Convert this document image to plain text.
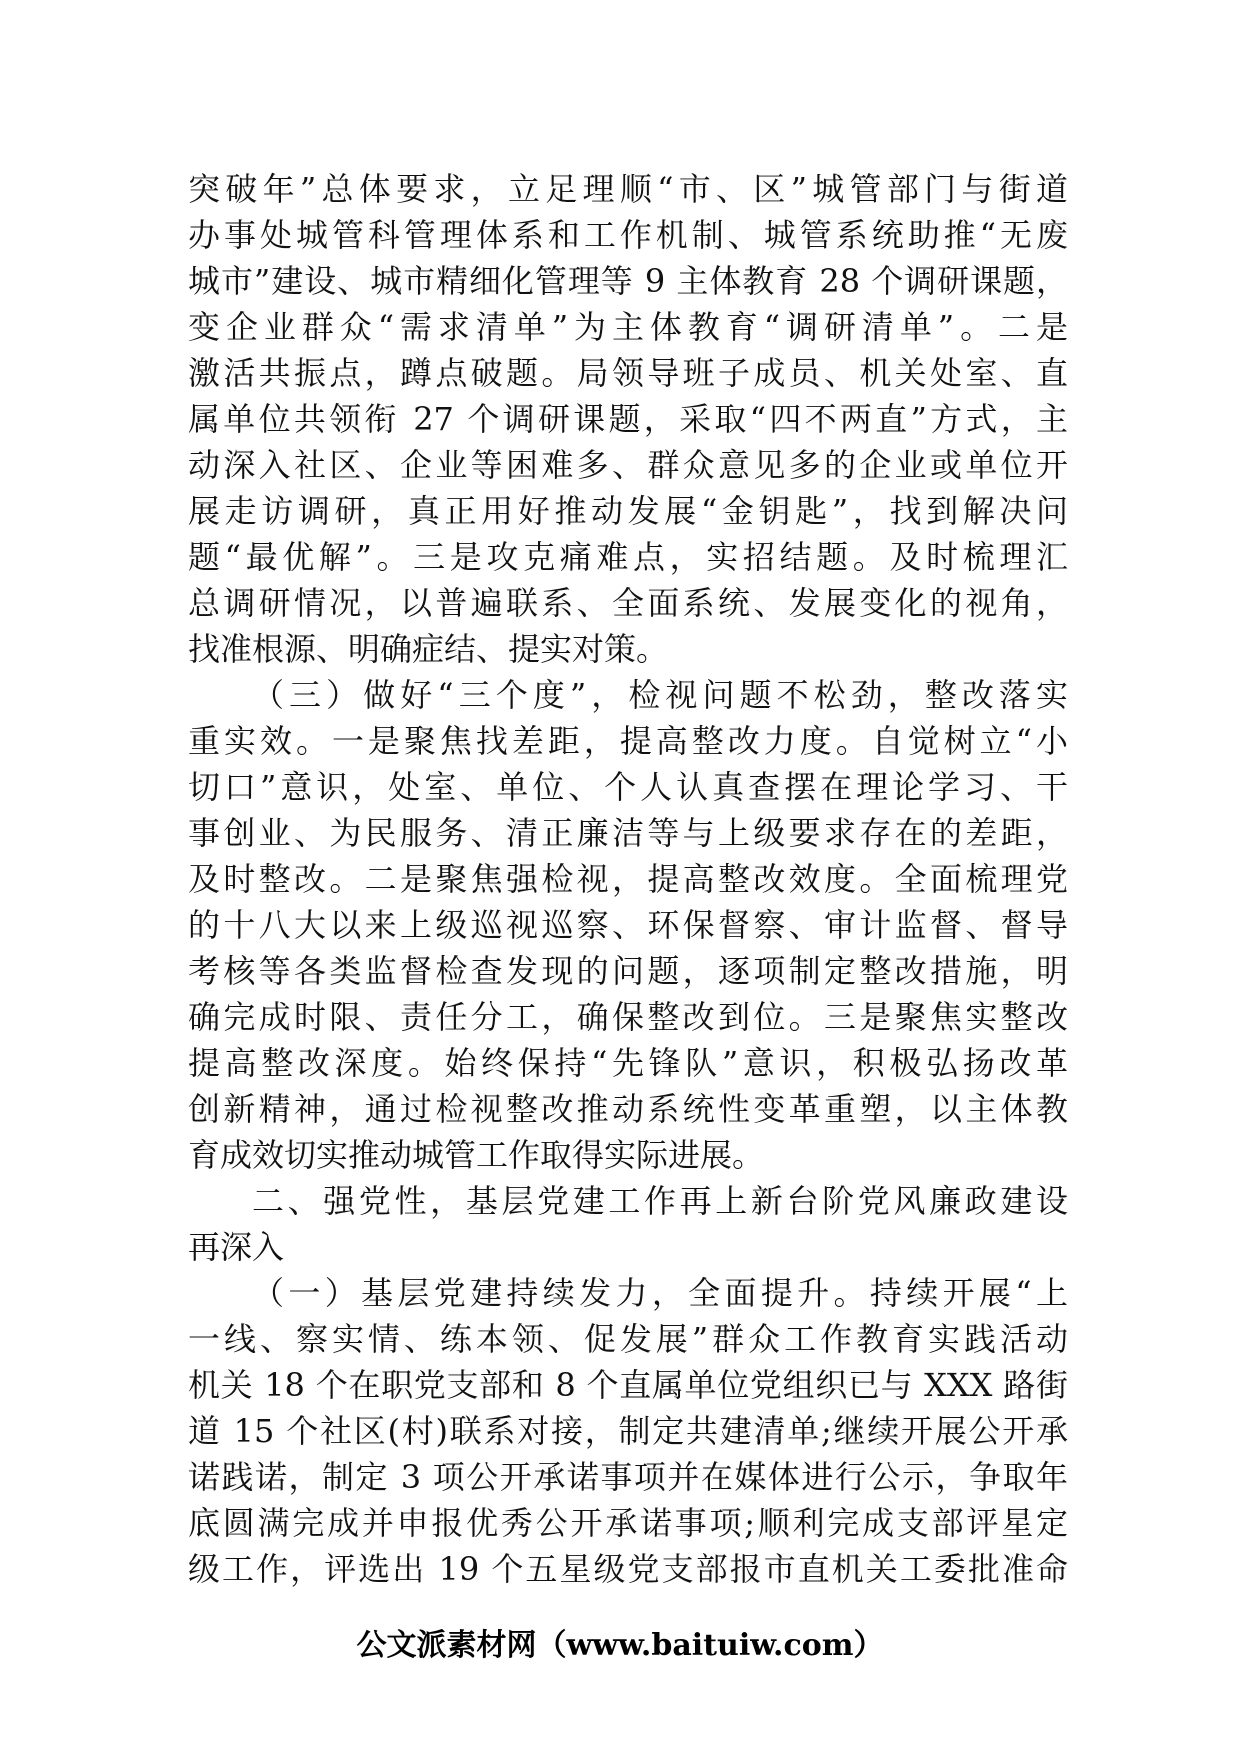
突破年”总体要求，立足理顺“市、区”城管部门与街道
办事处城管科管理体系和工作机制、城管系统助推“无废
城市”建设、城市精细化管理等 9 主体教育 28 个调研课题，
变企业群众“需求清单”为主体教育“调研清单”。二是
激活共振点，蹲点破题。局领导班子成员、机关处室、直
属单位共领衔 27 个调研课题，采取“四不两直”方式，主
动深入社区、企业等困难多、群众意见多的企业或单位开
展走访调研，真正用好推动发展“金钥匙”，找到解决问
题“最优解”。三是攻克痛难点，实招结题。及时梳理汇
总调研情况，以普遍联系、全面系统、发展变化的视角，
找准根源、明确症结、提实对策。
（三）做好“三个度”，检视问题不松劲，整改落实
重实效。一是聚焦找差距，提高整改力度。自觉树立“小
切口”意识，处室、单位、个人认真查摆在理论学习、干
事创业、为民服务、清正廉洁等与上级要求存在的差距，
及时整改。二是聚焦强检视，提高整改效度。全面梳理党
的十八大以来上级巡视巡察、环保督察、审计监督、督导
考核等各类监督检查发现的问题，逐项制定整改措施，明
确完成时限、责任分工，确保整改到位。三是聚焦实整改
提高整改深度。始终保持“先锋队”意识，积极弘扬改革
创新精神，通过检视整改推动系统性变革重塑，以主体教
育成效切实推动城管工作取得实际进展。
二、强党性，基层党建工作再上新台阶党风廉政建设
再深入
（一）基层党建持续发力，全面提升。持续开展“上
一线、察实情、练本领、促发展”群众工作教育实践活动
机关 18 个在职党支部和 8 个直属单位党组织已与 XXX 路街
道 15 个社区(村)联系对接，制定共建清单;继续开展公开承
诺践诺，制定 3 项公开承诺事项并在媒体进行公示，争取年
底圆满完成并申报优秀公开承诺事项;顺利完成支部评星定
级工作，评选出 19 个五星级党支部报市直机关工委批准命
公文派素材网（www.baituiw.com）
